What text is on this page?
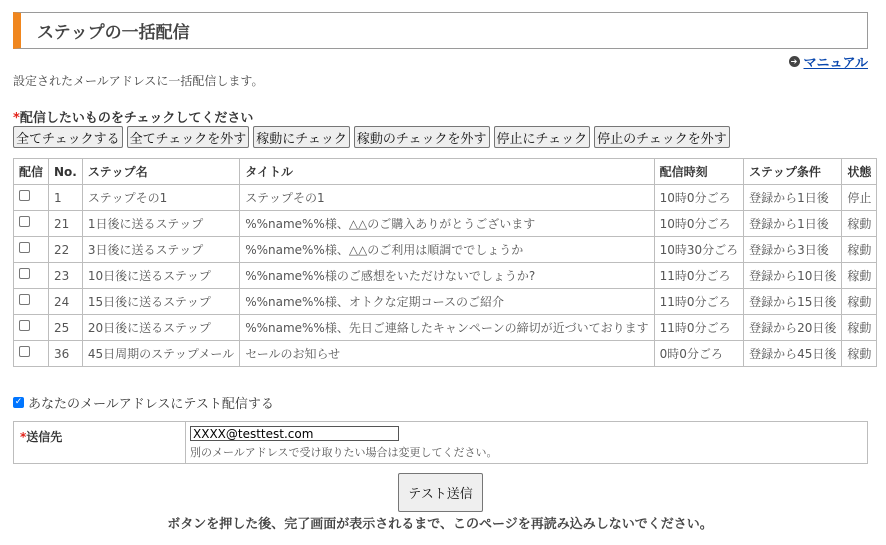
ステップの一括配信
➔ マニュアル
設定されたメールアドレスに一括配信します。
*配信したいものをチェックしてください
全てチェックする 全てチェックを外す 稼動にチェック 稼動のチェックを外す 停止にチェック 停止のチェックを外す
配信	No.	ステップ名	タイトル	配信時刻	ステップ条件	状態
	1	ステップその1	ステップその1	10時0分ごろ	登録から1日後	停止
	21	1日後に送るステップ	%%name%%様、△△のご購入ありがとうございます	10時0分ごろ	登録から1日後	稼動
	22	3日後に送るステップ	%%name%%様、△△のご利用は順調ででしょうか	10時30分ごろ	登録から3日後	稼動
	23	10日後に送るステップ	%%name%%様のご感想をいただけないでしょうか?	11時0分ごろ	登録から10日後	稼動
	24	15日後に送るステップ	%%name%%様、オトクな定期コースのご紹介	11時0分ごろ	登録から15日後	稼動
	25	20日後に送るステップ	%%name%%様、先日ご連絡したキャンペーンの締切が近づいております	11時0分ごろ	登録から20日後	稼動
	36	45日周期のステップメール	セールのお知らせ	0時0分ごろ	登録から45日後	稼動
✓ あなたのメールアドレスにテスト配信する
*送信先
XXXX@testtest.com
別のメールアドレスで受け取りたい場合は変更してください。
テスト送信
ボタンを押した後、完了画面が表示されるまで、このページを再読み込みしないでください。
